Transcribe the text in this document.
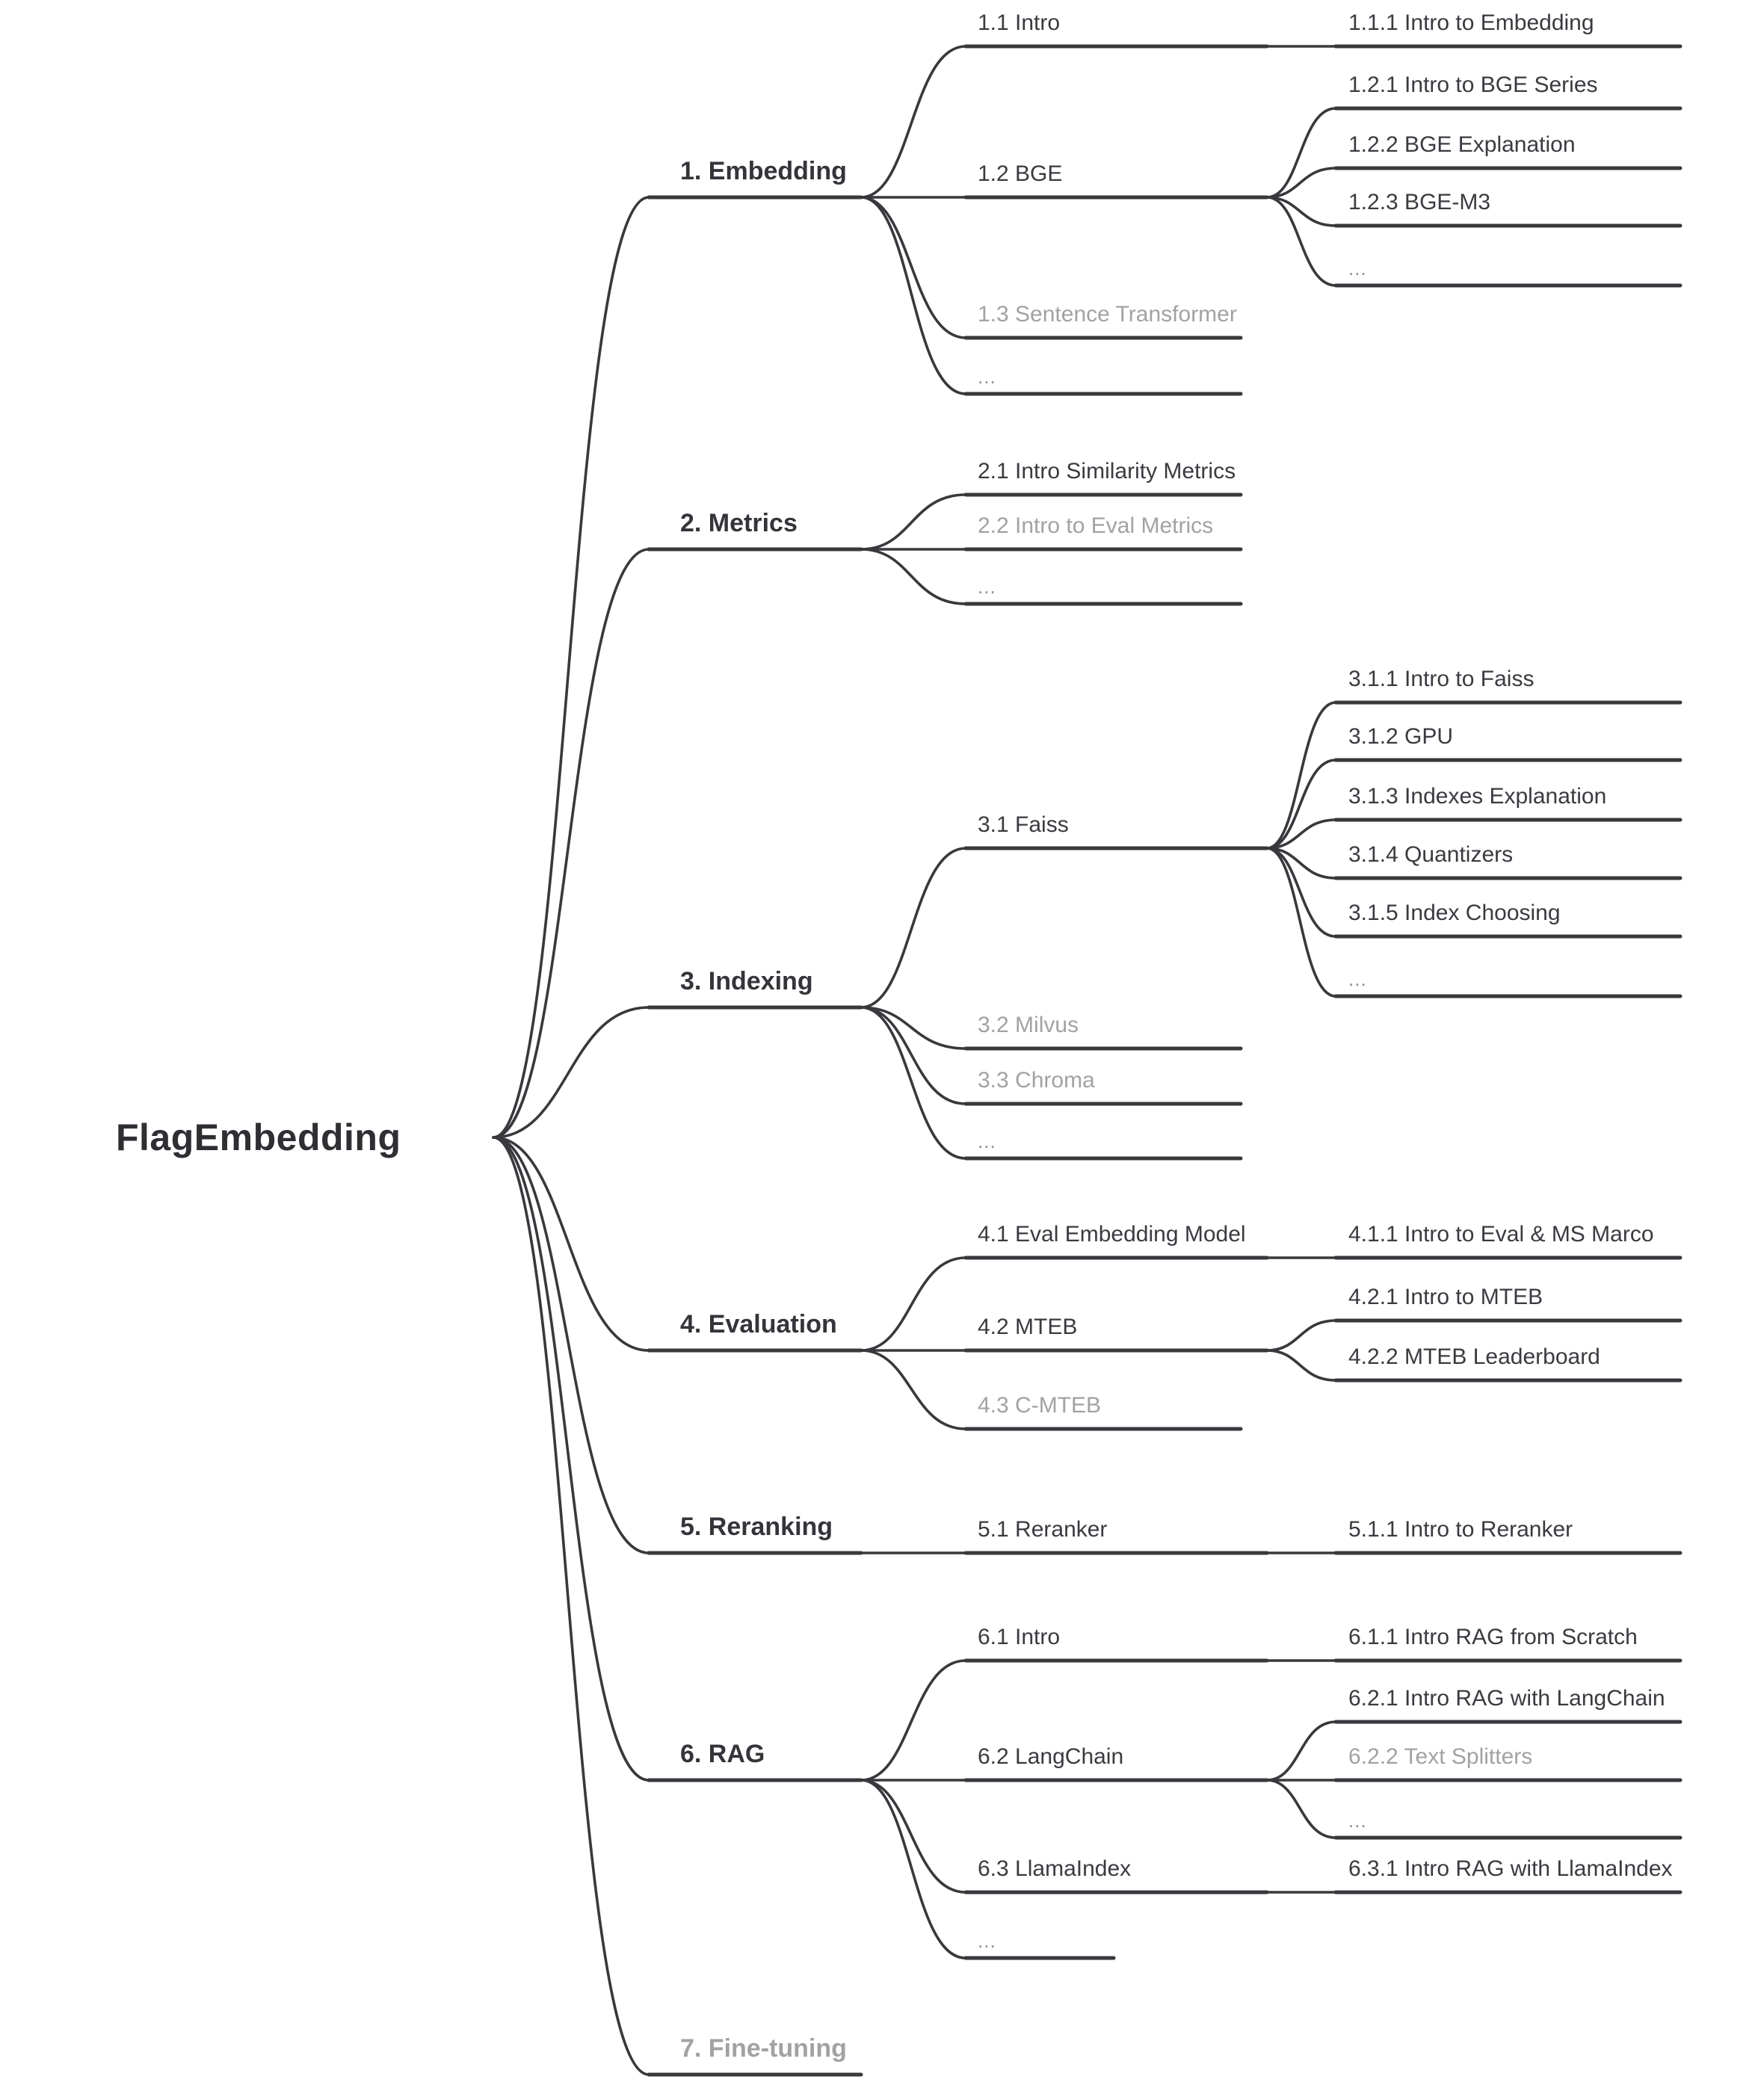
FlagEmbedding
1. Embedding
2. Metrics
3. Indexing
4. Evaluation
5. Reranking
6. RAG
7. Fine-tuning
1.1 Intro
1.2 BGE
1.3 Sentence Transformer
...
2.1 Intro Similarity Metrics
2.2 Intro to Eval Metrics
...
3.1 Faiss
3.2 Milvus
3.3 Chroma
...
4.1 Eval Embedding Model
4.2 MTEB
4.3 C-MTEB
5.1 Reranker
6.1 Intro
6.2 LangChain
6.3 LlamaIndex
...
1.1.1 Intro to Embedding
1.2.1 Intro to BGE Series
1.2.2 BGE Explanation
1.2.3 BGE-M3
...
3.1.1 Intro to Faiss
3.1.2 GPU
3.1.3 Indexes Explanation
3.1.4 Quantizers
3.1.5 Index Choosing
...
4.1.1 Intro to Eval & MS Marco
4.2.1 Intro to MTEB
4.2.2 MTEB Leaderboard
5.1.1 Intro to Reranker
6.1.1 Intro RAG from Scratch
6.2.1 Intro RAG with LangChain
6.2.2 Text Splitters
...
6.3.1 Intro RAG with LlamaIndex
